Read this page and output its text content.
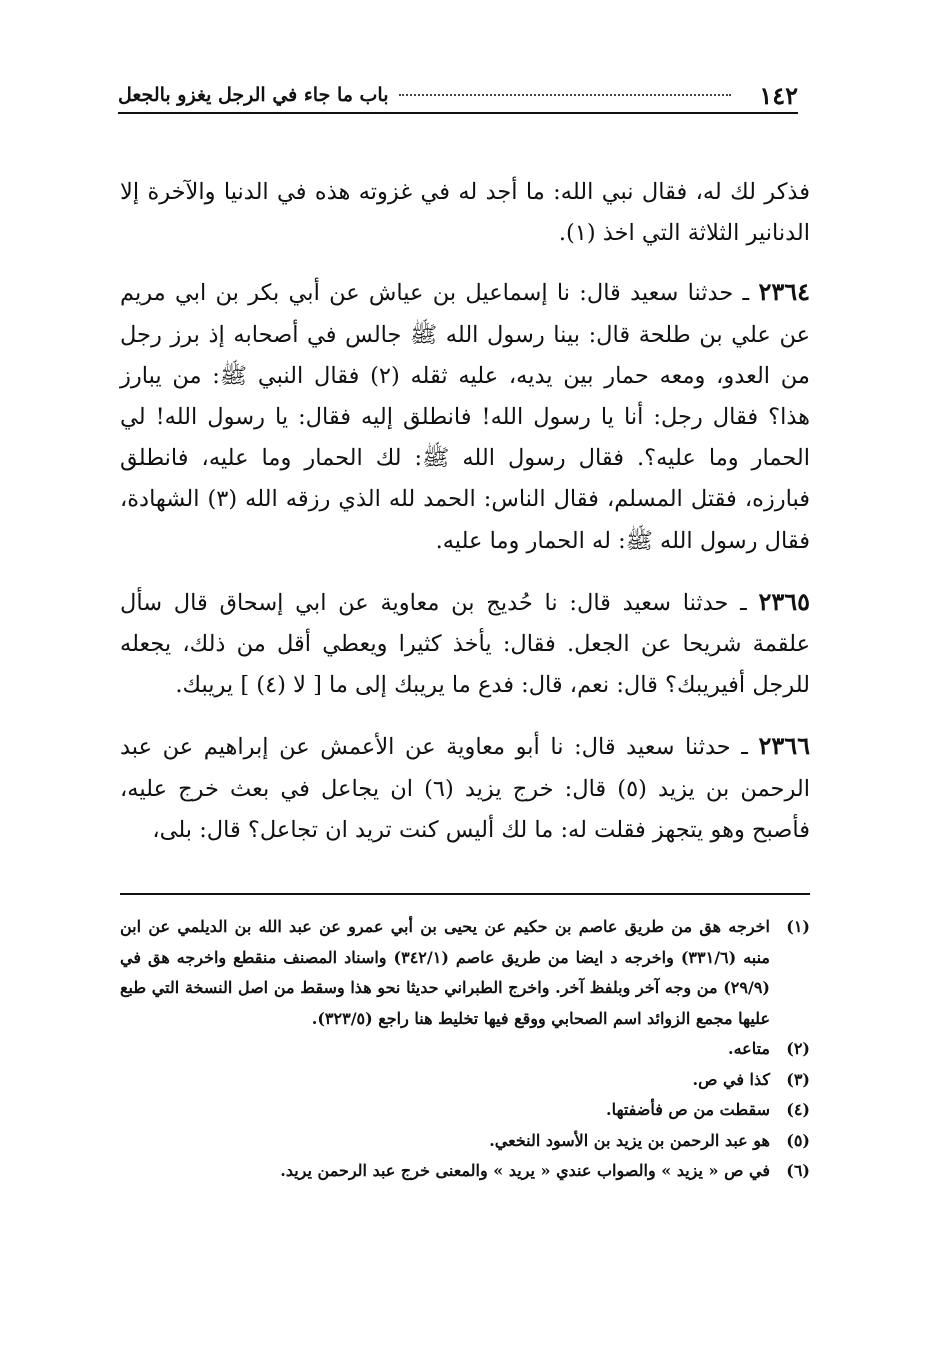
١٤٢
باب ما جاء في الرجل يغزو بالجعل

فذكر لك له، فقال نبي الله: ما أجد له في غزوته هذه في الدنيا والآخرة إلا الدنانير الثلاثة التي اخذ (١).

٢٣٦٤ ـ حدثنا سعيد قال: نا إسماعيل بن عياش عن أبي بكر بن ابي مريم عن علي بن طلحة قال: بينا رسول الله ﷺ جالس في أصحابه إذ برز رجل من العدو، ومعه حمار بين يديه، عليه ثقله (٢) فقال النبي ﷺ: من يبارز هذا؟ فقال رجل: أنا يا رسول الله! فانطلق إليه فقال: يا رسول الله! لي الحمار وما عليه؟. فقال رسول الله ﷺ: لك الحمار وما عليه، فانطلق فبارزه، فقتل المسلم، فقال الناس: الحمد لله الذي رزقه الله (٣) الشهادة، فقال رسول الله ﷺ: له الحمار وما عليه.

٢٣٦٥ ـ حدثنا سعيد قال: نا حُديج بن معاوية عن ابي إسحاق قال سأل علقمة شريحا عن الجعل. فقال: يأخذ كثيرا ويعطي أقل من ذلك، يجعله للرجل أفيريبك؟ قال: نعم، قال: فدع ما يريبك إلى ما [ لا (٤) ] يريبك.

٢٣٦٦ ـ حدثنا سعيد قال: نا أبو معاوية عن الأعمش عن إبراهيم عن عبد الرحمن بن يزيد (٥) قال: خرج يزيد (٦) ان يجاعل في بعث خرج عليه، فأصبح وهو يتجهز فقلت له: ما لك أليس كنت تريد ان تجاعل؟ قال: بلى،

(١)
اخرجه هق من طريق عاصم بن حكيم عن يحيى بن أبي عمرو عن عبد الله بن الديلمي عن ابن منبه (٣٣١/٦) واخرجه د ايضا من طريق عاصم (٣٤٢/١) واسناد المصنف منقطع واخرجه هق في (٢٩/٩) من وجه آخر وبلفظ آخر. واخرج الطبراني حديثا نحو هذا وسقط من اصل النسخة التي طبع عليها مجمع الزوائد اسم الصحابي ووقع فيها تخليط هنا راجع (٣٢٣/٥).
(٢)
متاعه.
(٣)
كذا في ص.
(٤)
سقطت من ص فأضفتها.
(٥)
هو عبد الرحمن بن يزيد بن الأسود النخعي.
(٦)
في ص « يزيد » والصواب عندي « يريد » والمعنى خرج عبد الرحمن يريد.
